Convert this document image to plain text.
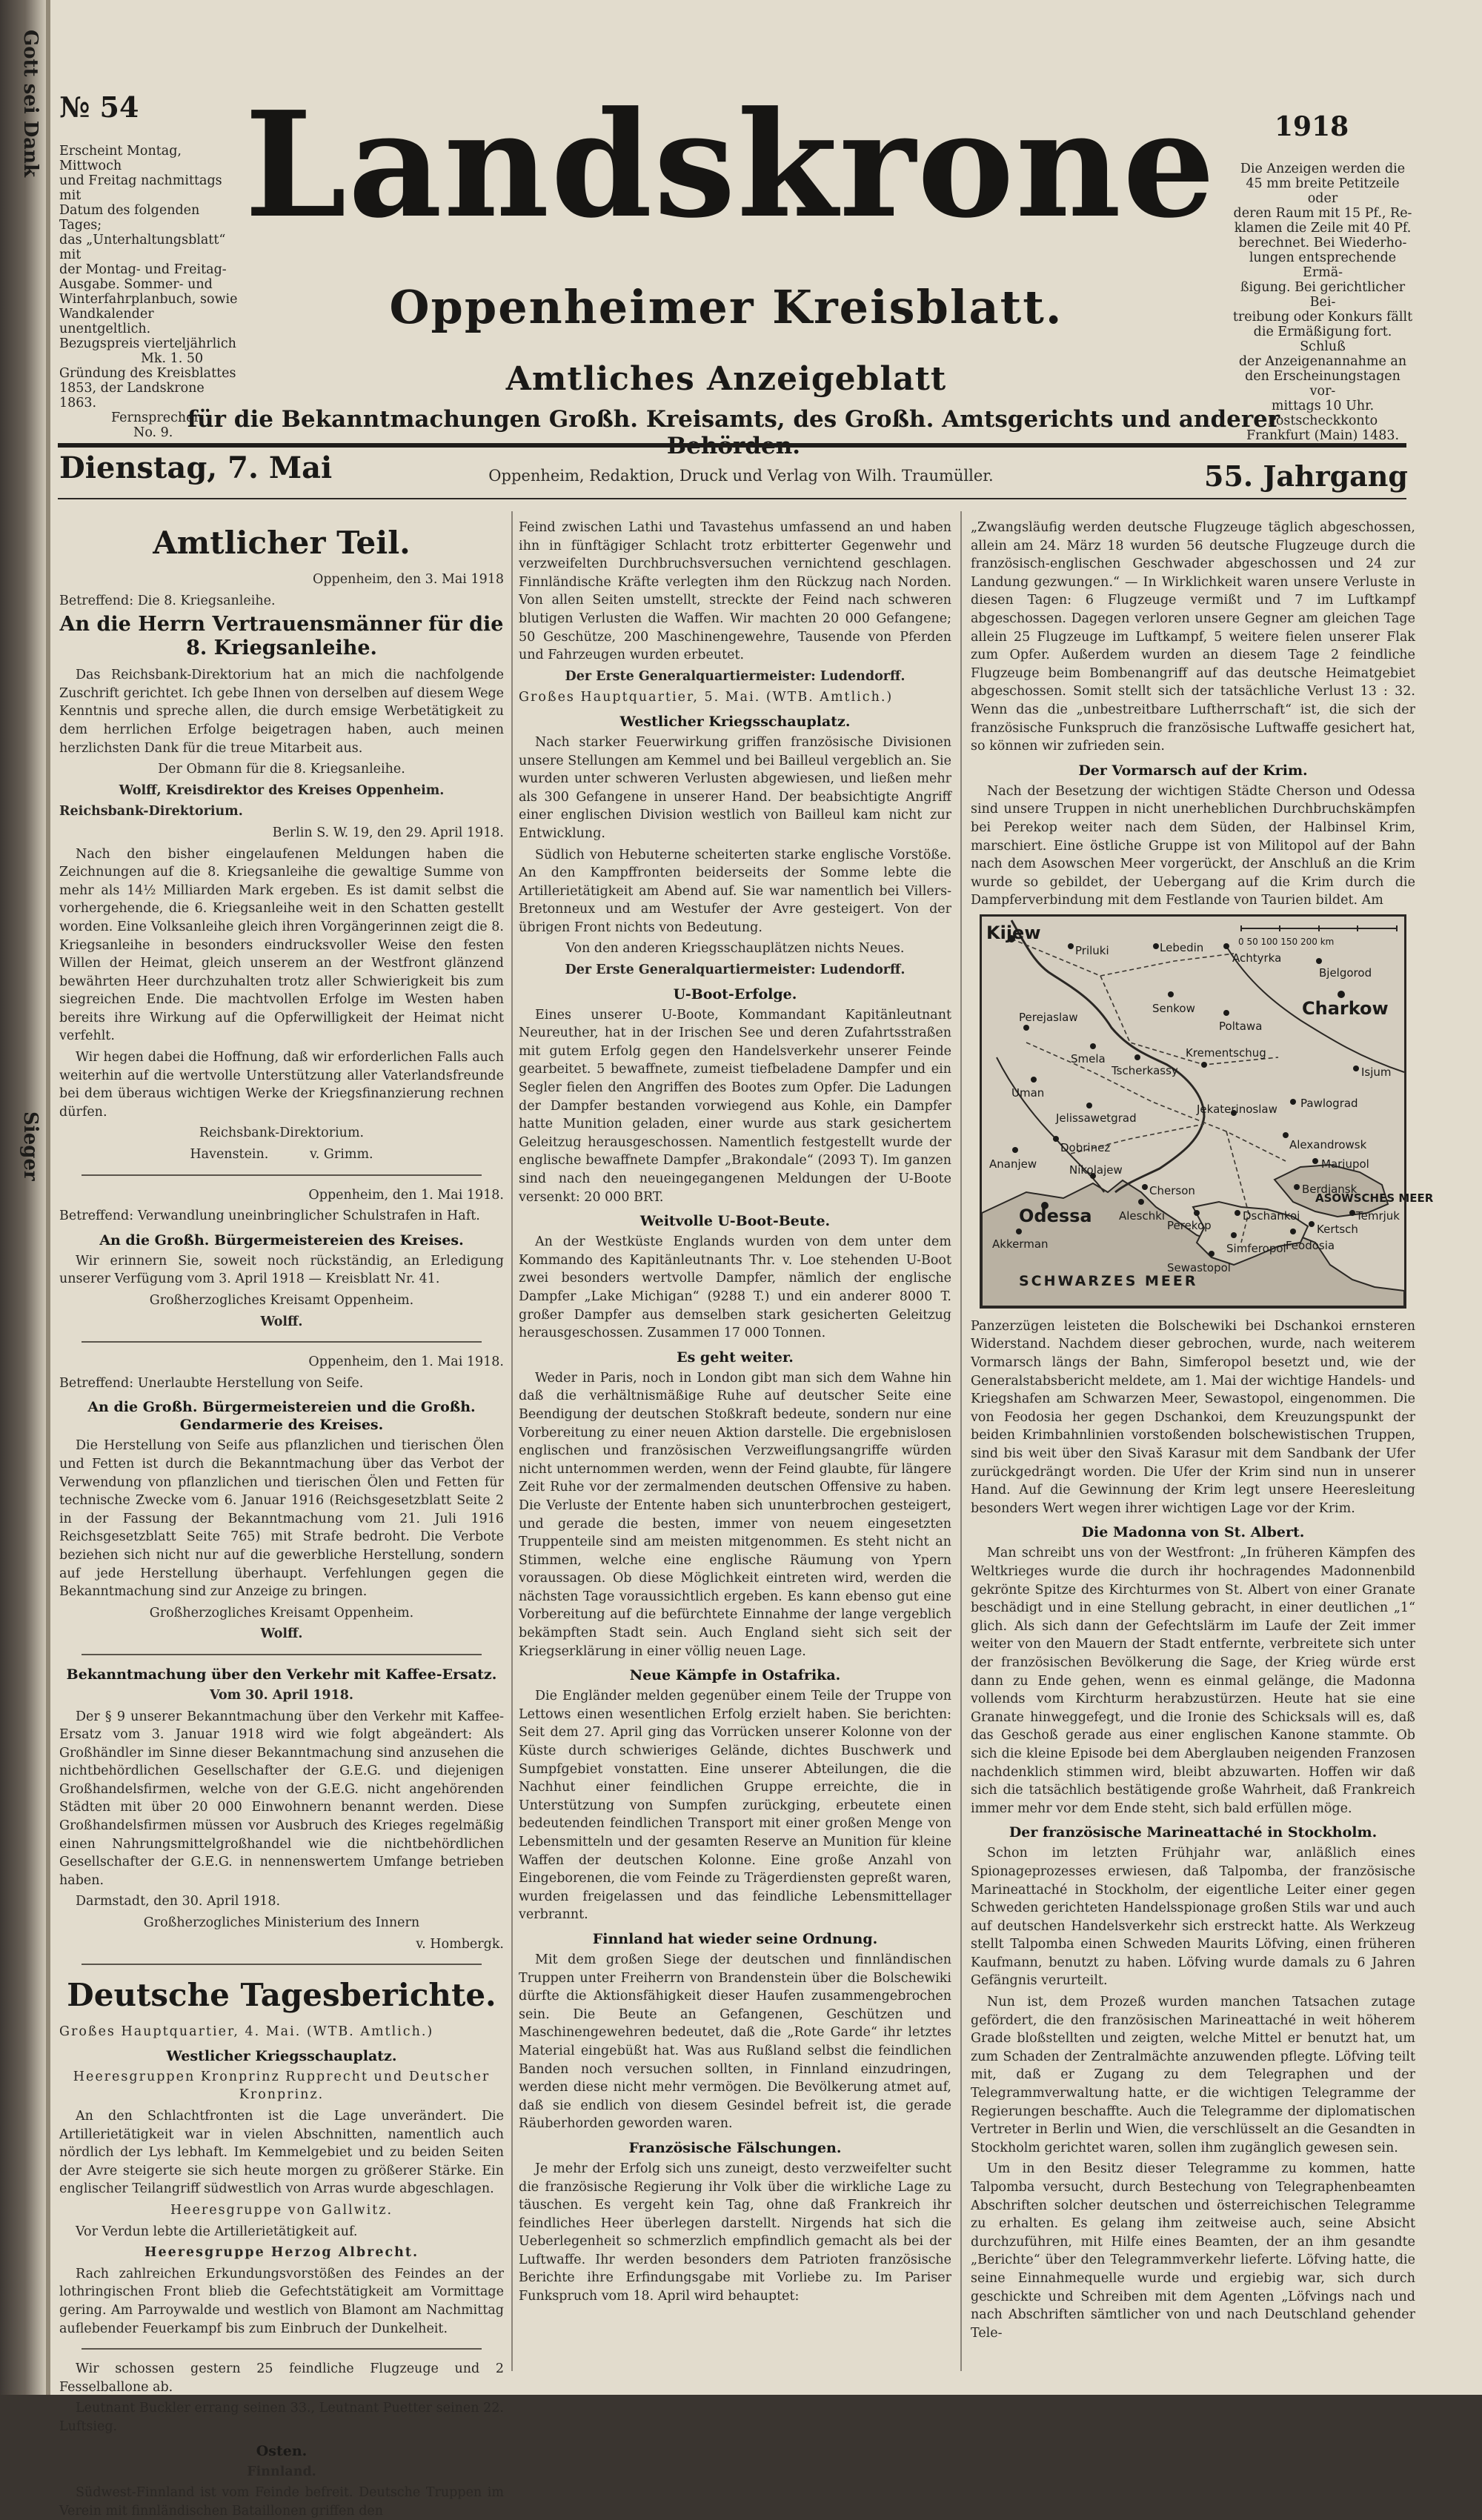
Gott sei Dank
Sieger
№ 54
1918
Erscheint Montag, Mittwoch
und Freitag nachmittags mit
Datum des folgenden Tages;
das „Unterhaltungsblatt“ mit
der Montag- und Freitag-
Ausgabe. Sommer- und
Winterfahrplanbuch, sowie
Wandkalender unentgeltlich.
Bezugspreis vierteljährlich
Mk. 1. 50
Gründung des Kreisblattes
1853, der Landskrone 1863.
Fernsprecher
No. 9.
Die Anzeigen werden die
45 mm breite Petitzeile oder
deren Raum mit 15 Pf., Re-
klamen die Zeile mit 40 Pf.
berechnet. Bei Wiederho-
lungen entsprechende Ermä-
ßigung. Bei gerichtlicher Bei-
treibung oder Konkurs fällt
die Ermäßigung fort. Schluß
der Anzeigenannahme an
den Erscheinungstagen vor-
mittags 10 Uhr.
Postscheckkonto
Frankfurt (Main) 1483.
Landskrone
Oppenheimer Kreisblatt.
Amtliches Anzeigeblatt
für die Bekanntmachungen Großh. Kreisamts, des Großh. Amtsgerichts und anderer
Dienstag, 7. Mai	Oppenheim, Redaktion, Druck und Verlag von Wilh. Traumüller.	55. Jahrgang
Amtlicher Teil.

Oppenheim, den 3. Mai 1918

Betreffend: Die 8. Kriegsanleihe.

An die Herrn Vertrauensmänner für die 8. Kriegsanleihe.

Das Reichsbank-Direktorium hat an mich die nachfolgende Zuschrift gerichtet. Ich gebe Ihnen von derselben auf diesem Wege Kenntnis und spreche allen, die durch emsige Werbetätigkeit zu dem herrlichen Erfolge beigetragen haben, auch meinen herzlichsten Dank für die treue Mitarbeit aus.

Der Obmann für die 8. Kriegsanleihe.

Wolff, Kreisdirektor des Kreises Oppenheim.

Reichsbank-Direktorium.

Berlin S. W. 19, den 29. April 1918.

Nach den bisher eingelaufenen Meldungen haben die Zeichnungen auf die 8. Kriegsanleihe die gewaltige Summe von mehr als 14½ Milliarden Mark ergeben. Es ist damit selbst die vorhergehende, die 6. Kriegsanleihe weit in den Schatten gestellt worden. Eine Volksanleihe gleich ihren Vorgängerinnen zeigt die 8. Kriegsanleihe in besonders eindrucksvoller Weise den festen Willen der Heimat, gleich unserem an der Westfront glänzend bewährten Heer durchzuhalten trotz aller Schwierigkeit bis zum siegreichen Ende. Die machtvollen Erfolge im Westen haben bereits ihre Wirkung auf die Opferwilligkeit der Heimat nicht verfehlt.

Wir hegen dabei die Hoffnung, daß wir erforderlichen Falls auch weiterhin auf die wertvolle Unterstützung aller Vaterlandsfreunde bei dem überaus wichtigen Werke der Kriegsfinanzierung rechnen dürfen.

Reichsbank-Direktorium.

Havenstein.          v. Grimm.

Oppenheim, den 1. Mai 1918.

Betreffend: Verwandlung uneinbringlicher Schulstrafen in Haft.

An die Großh. Bürgermeistereien des Kreises.

Wir erinnern Sie, soweit noch rückständig, an Erledigung unserer Verfügung vom 3. April 1918 — Kreisblatt Nr. 41.

Großherzogliches Kreisamt Oppenheim.

Wolff.

Oppenheim, den 1. Mai 1918.

Betreffend: Unerlaubte Herstellung von Seife.

An die Großh. Bürgermeistereien und die Großh. Gendarmerie des Kreises.

Die Herstellung von Seife aus pflanzlichen und tierischen Ölen und Fetten ist durch die Bekanntmachung über das Verbot der Verwendung von pflanzlichen und tierischen Ölen und Fetten für technische Zwecke vom 6. Januar 1916 (Reichsgesetzblatt Seite 2 in der Fassung der Bekanntmachung vom 21. Juli 1916 Reichsgesetzblatt Seite 765) mit Strafe bedroht. Die Verbote beziehen sich nicht nur auf die gewerbliche Herstellung, sondern auf jede Herstellung überhaupt. Verfehlungen gegen die Bekanntmachung sind zur Anzeige zu bringen.

Großherzogliches Kreisamt Oppenheim.

Wolff.

Bekanntmachung über den Verkehr mit Kaffee-Ersatz.

Vom 30. April 1918.

Der § 9 unserer Bekanntmachung über den Verkehr mit Kaffee-Ersatz vom 3. Januar 1918 wird wie folgt abgeändert: Als Großhändler im Sinne dieser Bekanntmachung sind anzusehen die nichtbehördlichen Gesellschafter der G.E.G. und diejenigen Großhandelsfirmen, welche von der G.E.G. nicht angehörenden Städten mit über 20 000 Einwohnern benannt werden. Diese Großhandelsfirmen müssen vor Ausbruch des Krieges regelmäßig einen Nahrungsmittelgroßhandel wie die nichtbehördlichen Gesellschafter der G.E.G. in nennenswertem Umfange betrieben haben.

Darmstadt, den 30. April 1918.

Großherzogliches Ministerium des Innern

v. Hombergk.

Deutsche Tagesberichte.

Großes Hauptquartier, 4. Mai. (WTB. Amtlich.)

Westlicher Kriegsschauplatz.

Heeresgruppen Kronprinz Rupprecht und Deutscher Kronprinz.

An den Schlachtfronten ist die Lage unverändert. Die Artillerietätigkeit war in vielen Abschnitten, namentlich auch nördlich der Lys lebhaft. Im Kemmelgebiet und zu beiden Seiten der Avre steigerte sie sich heute morgen zu größerer Stärke. Ein englischer Teilangriff südwestlich von Arras wurde abgeschlagen.

Heeresgruppe von Gallwitz.

Vor Verdun lebte die Artillerietätigkeit auf.

Heeresgruppe Herzog Albrecht.

Rach zahlreichen Erkundungsvorstößen des Feindes an der lothringischen Front blieb die Gefechtstätigkeit am Vormittage gering. Am Parroywalde und westlich von Blamont am Nachmittag auflebender Feuerkampf bis zum Einbruch der Dunkelheit.

Wir schossen gestern 25 feindliche Flugzeuge und 2 Fesselballone ab.

Leutnant Buckler errang seinen 33., Leutnant Puetter seinen 22. Luftsieg.

Osten.

Finnland.

Südwest-Finnland ist vom Feinde befreit. Deutsche Truppen im Verein mit finnländischen Bataillonen griffen den

Feind zwischen Lathi und Tavastehus umfassend an und haben ihn in fünftägiger Schlacht trotz erbitterter Gegenwehr und verzweifelten Durchbruchsversuchen vernichtend geschlagen. Finnländische Kräfte verlegten ihm den Rückzug nach Norden. Von allen Seiten umstellt, streckte der Feind nach schweren blutigen Verlusten die Waffen. Wir machten 20 000 Gefangene; 50 Geschütze, 200 Maschinengewehre, Tausende von Pferden und Fahrzeugen wurden erbeutet.

Der Erste Generalquartiermeister: Ludendorff.

Großes Hauptquartier, 5. Mai. (WTB. Amtlich.)

Westlicher Kriegsschauplatz.

Nach starker Feuerwirkung griffen französische Divisionen unsere Stellungen am Kemmel und bei Bailleul vergeblich an. Sie wurden unter schweren Verlusten abgewiesen, und ließen mehr als 300 Gefangene in unserer Hand. Der beabsichtigte Angriff einer englischen Division westlich von Bailleul kam nicht zur Entwicklung.

Südlich von Hebuterne scheiterten starke englische Vorstöße. An den Kampffronten beiderseits der Somme lebte die Artillerietätigkeit am Abend auf. Sie war namentlich bei Villers-Bretonneux und am Westufer der Avre gesteigert. Von der übrigen Front nichts von Bedeutung.

Von den anderen Kriegsschauplätzen nichts Neues.

Der Erste Generalquartiermeister: Ludendorff.

U-Boot-Erfolge.

Eines unserer U-Boote, Kommandant Kapitänleutnant Neureuther, hat in der Irischen See und deren Zufahrtsstraßen mit gutem Erfolg gegen den Handelsverkehr unserer Feinde gearbeitet. 5 bewaffnete, zumeist tiefbeladene Dampfer und ein Segler fielen den Angriffen des Bootes zum Opfer. Die Ladungen der Dampfer bestanden vorwiegend aus Kohle, ein Dampfer hatte Munition geladen, einer wurde aus stark gesichertem Geleitzug herausgeschossen. Namentlich festgestellt wurde der englische bewaffnete Dampfer „Brakondale“ (2093 T). Im ganzen sind nach den neueingegangenen Meldungen der U-Boote versenkt: 20 000 BRT.

Weitvolle U-Boot-Beute.

An der Westküste Englands wurden von dem unter dem Kommando des Kapitänleutnants Thr. v. Loe stehenden U-Boot zwei besonders wertvolle Dampfer, nämlich der englische Dampfer „Lake Michigan“ (9288 T.) und ein anderer 8000 T. großer Dampfer aus demselben stark gesicherten Geleitzug herausgeschossen. Zusammen 17 000 Tonnen.

Es geht weiter.

Weder in Paris, noch in London gibt man sich dem Wahne hin daß die verhältnismäßige Ruhe auf deutscher Seite eine Beendigung der deutschen Stoßkraft bedeute, sondern nur eine Vorbereitung zu einer neuen Aktion darstelle. Die ergebnislosen englischen und französischen Verzweiflungsangriffe würden nicht unternommen werden, wenn der Feind glaubte, für längere Zeit Ruhe vor der zermalmenden deutschen Offensive zu haben. Die Verluste der Entente haben sich ununterbrochen gesteigert, und gerade die besten, immer von neuem eingesetzten Truppenteile sind am meisten mitgenommen. Es steht nicht an Stimmen, welche eine englische Räumung von Ypern voraussagen. Ob diese Möglichkeit eintreten wird, werden die nächsten Tage voraussichtlich ergeben. Es kann ebenso gut eine Vorbereitung auf die befürchtete Einnahme der lange vergeblich bekämpften Stadt sein. Auch England sieht sich seit der Kriegserklärung in einer völlig neuen Lage.

Neue Kämpfe in Ostafrika.

Die Engländer melden gegenüber einem Teile der Truppe von Lettows einen wesentlichen Erfolg erzielt haben. Sie berichten: Seit dem 27. April ging das Vorrücken unserer Kolonne von der Küste durch schwieriges Gelände, dichtes Buschwerk und Sumpfgebiet vonstatten. Eine unserer Abteilungen, die die Nachhut einer feindlichen Gruppe erreichte, die in Unterstützung von Sumpfen zurückging, erbeutete einen bedeutenden feindlichen Transport mit einer großen Menge von Lebensmitteln und der gesamten Reserve an Munition für kleine Waffen der deutschen Kolonne. Eine große Anzahl von Eingeborenen, die vom Feinde zu Trägerdiensten gepreßt waren, wurden freigelassen und das feindliche Lebensmittellager verbrannt.

Finnland hat wieder seine Ordnung.

Mit dem großen Siege der deutschen und finnländischen Truppen unter Freiherrn von Brandenstein über die Bolschewiki dürfte die Aktionsfähigkeit dieser Haufen zusammengebrochen sein. Die Beute an Gefangenen, Geschützen und Maschinengewehren bedeutet, daß die „Rote Garde“ ihr letztes Material eingebüßt hat. Was aus Rußland selbst die feindlichen Banden noch versuchen sollten, in Finnland einzudringen, werden diese nicht mehr vermögen. Die Bevölkerung atmet auf, daß sie endlich von diesem Gesindel befreit ist, die gerade Räuberhorden geworden waren.

Französische Fälschungen.

Je mehr der Erfolg sich uns zuneigt, desto verzweifelter sucht die französische Regierung ihr Volk über die wirkliche Lage zu täuschen. Es vergeht kein Tag, ohne daß Frankreich ihr feindliches Heer überlegen darstellt. Nirgends hat sich die Ueberlegenheit so schmerzlich empfindlich gemacht als bei der Luftwaffe. Ihr werden besonders dem Patrioten französische Berichte ihre Erfindungsgabe mit Vorliebe zu. Im Pariser Funkspruch vom 18. April wird behauptet:

„Zwangsläufig werden deutsche Flugzeuge täglich abgeschossen, allein am 24. März 18 wurden 56 deutsche Flugzeuge durch die französisch-englischen Geschwader abgeschossen und 24 zur Landung gezwungen.“ — In Wirklichkeit waren unsere Verluste in diesen Tagen: 6 Flugzeuge vermißt und 7 im Luftkampf abgeschossen. Dagegen verloren unsere Gegner am gleichen Tage allein 25 Flugzeuge im Luftkampf, 5 weitere fielen unserer Flak zum Opfer. Außerdem wurden an diesem Tage 2 feindliche Flugzeuge beim Bombenangriff auf das deutsche Heimatgebiet abgeschossen. Somit stellt sich der tatsächliche Verlust 13 : 32. Wenn das die „unbestreitbare Luftherrschaft“ ist, die sich der französische Funkspruch die französische Luftwaffe gesichert hat, so können wir zufrieden sein.

Der Vormarsch auf der Krim.

Nach der Besetzung der wichtigen Städte Cherson und Odessa sind unsere Truppen in nicht unerheblichen Durchbruchskämpfen bei Perekop weiter nach dem Süden, der Halbinsel Krim, marschiert. Eine östliche Gruppe ist von Militopol auf der Bahn nach dem Asowschen Meer vorgerückt, der Anschluß an die Krim wurde so gebildet, der Uebergang auf die Krim durch die Dampferverbindung mit dem Festlande von Taurien bildet. Am

Kijew
Priluki	Lebedin
Achtyrka
Bjelgorod
Charkow
Perejaslaw
Senkow
Poltawa
Smela
Tscherkassy
Krementschug
Isjum
Uman
Jelissawetgrad
Pawlograd
Alexandrowsk
Jekaterinoslaw
Ananjew
Dobrinez
Nikolajew
Cherson
Mariupol
Berdjansk
Odessa
Akkerman
Aleschki
Perekop
Simferopol
Sewastopol
Feodosia
Kertsch
Temrjuk
Dschankoi
SCHWARZES MEER
ASOWSCHES MEER
0 50 100 150 200 km

Panzerzügen leisteten die Bolschewiki bei Dschankoi ernsteren Widerstand. Nachdem dieser gebrochen, wurde, nach weiterem Vormarsch längs der Bahn, Simferopol besetzt und, wie der Generalstabsbericht meldete, am 1. Mai der wichtige Handels- und Kriegshafen am Schwarzen Meer, Sewastopol, eingenommen. Die von Feodosia her gegen Dschankoi, dem Kreuzungspunkt der beiden Krimbahnlinien vorstoßenden bolschewistischen Truppen, sind bis weit über den Sivaš Karasur mit dem Sandbank der Ufer zurückgedrängt worden. Die Ufer der Krim sind nun in unserer Hand. Auf die Gewinnung der Krim legt unsere Heeresleitung besonders Wert wegen ihrer wichtigen Lage vor der Krim.

Die Madonna von St. Albert.

Man schreibt uns von der Westfront: „In früheren Kämpfen des Weltkrieges wurde die durch ihr hochragendes Madonnenbild gekrönte Spitze des Kirchturmes von St. Albert von einer Granate beschädigt und in eine Stellung gebracht, in einer deutlichen „1“ glich. Als sich dann der Gefechtslärm im Laufe der Zeit immer weiter von den Mauern der Stadt entfernte, verbreitete sich unter der französischen Bevölkerung die Sage, der Krieg würde erst dann zu Ende gehen, wenn es einmal gelänge, die Madonna vollends vom Kirchturm herabzustürzen. Heute hat sie eine Granate hinweggefegt, und die Ironie des Schicksals will es, daß das Geschoß gerade aus einer englischen Kanone stammte. Ob sich die kleine Episode bei dem Aberglauben neigenden Franzosen nachdenklich stimmen wird, bleibt abzuwarten. Hoffen wir daß sich die tatsächlich bestätigende große Wahrheit, daß Frankreich immer mehr vor dem Ende steht, sich bald erfüllen möge.

Der französische Marineattaché in Stockholm.

Schon im letzten Frühjahr war, anläßlich eines Spionageprozesses erwiesen, daß Talpomba, der französische Marineattaché in Stockholm, der eigentliche Leiter einer gegen Schweden gerichteten Handelsspionage großen Stils war und auch auf deutschen Handelsverkehr sich erstreckt hatte. Als Werkzeug stellt Talpomba einen Schweden Maurits Löfving, einen früheren Kaufmann, benutzt zu haben. Löfving wurde damals zu 6 Jahren Gefängnis verurteilt.

Nun ist, dem Prozeß wurden manchen Tatsachen zutage gefördert, die den französischen Marineattaché in weit höherem Grade bloßstellten und zeigten, welche Mittel er benutzt hat, um zum Schaden der Zentralmächte anzuwenden pflegte. Löfving teilt mit, daß er Zugang zu dem Telegraphen und der Telegrammverwaltung hatte, er die wichtigen Telegramme der Regierungen beschaffte. Auch die Telegramme der diplomatischen Vertreter in Berlin und Wien, die verschlüsselt an die Gesandten in Stockholm gerichtet waren, sollen ihm zugänglich gewesen sein.

Um in den Besitz dieser Telegramme zu kommen, hatte Talpomba versucht, durch Bestechung von Telegraphenbeamten Abschriften solcher deutschen und österreichischen Telegramme zu erhalten. Es gelang ihm zeitweise auch, seine Absicht durchzuführen, mit Hilfe eines Beamten, der an ihm gesandte „Berichte“ über den Telegrammverkehr lieferte. Löfving hatte, die seine Einnahmequelle wurde und ergiebig war, sich durch geschickte und Schreiben mit dem Agenten „Löfvings nach und nach Abschriften sämtlicher von und nach Deutschland gehender Tele-
